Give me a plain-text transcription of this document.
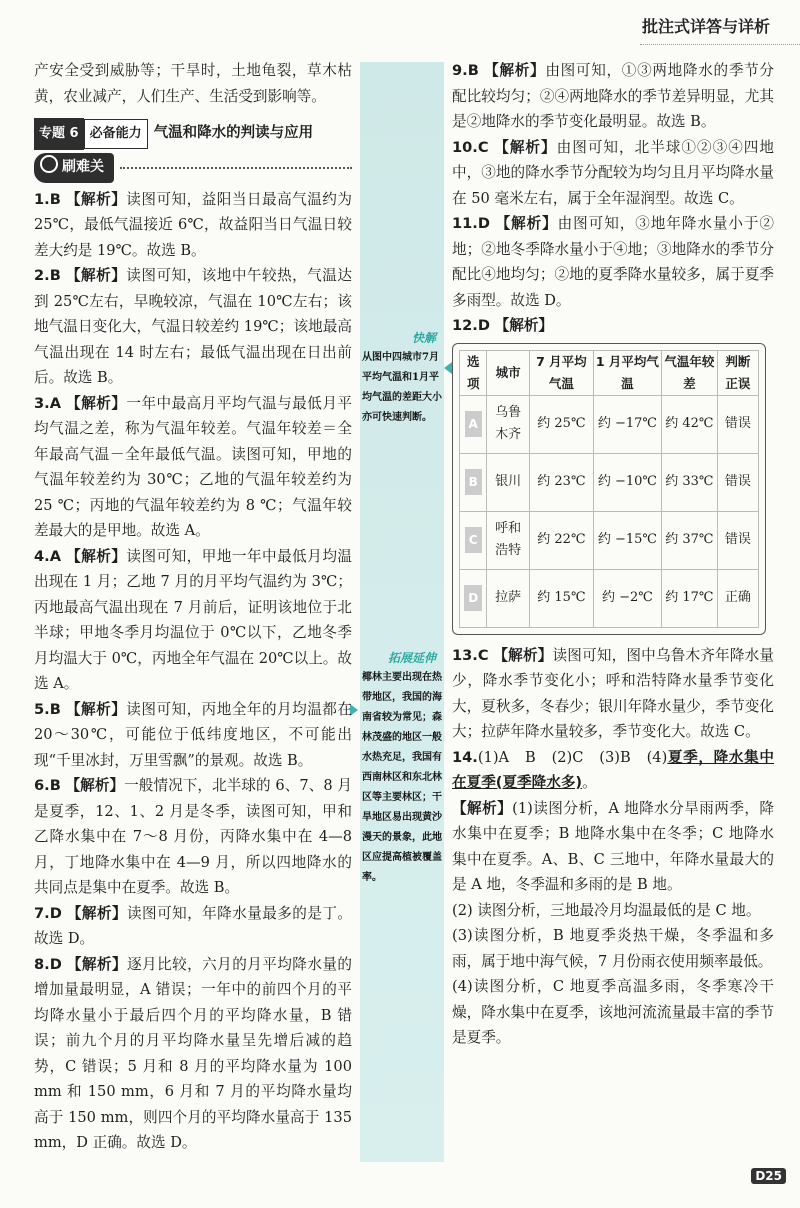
批注式详答与详析
快解
从图中四城市7月平均气温和1月平均气温的差距大小亦可快速判断。
拓展延伸
椰林主要出现在热带地区，我国的海南省较为常见；森林茂盛的地区一般水热充足，我国有西南林区和东北林区等主要林区；干旱地区易出现黄沙漫天的景象，此地区应提高植被覆盖率。

产安全受到威胁等；干旱时，土地龟裂，草木枯黄，农业减产，人们生产、生活受到影响等。

专题 6 必备能力 气温和降水的判读与应用
刷难关

1.B 【解析】读图可知，益阳当日最高气温约为25℃，最低气温接近 6℃，故益阳当日气温日较差大约是 19℃。故选 B。

2.B 【解析】读图可知，该地中午较热，气温达到 25℃左右，早晚较凉，气温在 10℃左右；该地气温日变化大，气温日较差约 19℃；该地最高气温出现在 14 时左右；最低气温出现在日出前后。故选 B。

3.A 【解析】一年中最高月平均气温与最低月平均气温之差，称为气温年较差。气温年较差＝全年最高气温－全年最低气温。读图可知，甲地的气温年较差约为 30℃；乙地的气温年较差约为 25 ℃；丙地的气温年较差约为 8 ℃；气温年较差最大的是甲地。故选 A。

4.A 【解析】读图可知，甲地一年中最低月均温出现在 1 月；乙地 7 月的月平均气温约为 3℃；丙地最高气温出现在 7 月前后，证明该地位于北半球；甲地冬季月均温位于 0℃以下，乙地冬季月均温大于 0℃，丙地全年气温在 20℃以上。故选 A。

5.B 【解析】读图可知，丙地全年的月均温都在 20～30℃，可能位于低纬度地区，不可能出现“千里冰封，万里雪飘”的景观。故选 B。

6.B 【解析】一般情况下，北半球的 6、7、8 月是夏季，12、1、2 月是冬季，读图可知，甲和乙降水集中在 7～8 月份，丙降水集中在 4—8 月，丁地降水集中在 4—9 月，所以四地降水的共同点是集中在夏季。故选 B。

7.D 【解析】读图可知，年降水量最多的是丁。故选 D。

8.D 【解析】逐月比较，六月的月平均降水量的增加量最明显，A 错误；一年中的前四个月的平均降水量小于最后四个月的平均降水量，B 错误；前九个月的月平均降水量呈先增后减的趋势，C 错误；5 月和 8 月的平均降水量为 100 mm 和 150 mm，6 月和 7 月的平均降水量均高于 150 mm，则四个月的平均降水量高于 135 mm，D 正确。故选 D。

9.B 【解析】由图可知，①③两地降水的季节分配比较均匀；②④两地降水的季节差异明显，尤其是②地降水的季节变化最明显。故选 B。

10.C 【解析】由图可知，北半球①②③④四地中，③地的降水季节分配较为均匀且月平均降水量在 50 毫米左右，属于全年湿润型。故选 C。

11.D 【解析】由图可知，③地年降水量小于②地；②地冬季降水量小于④地；③地降水的季节分配比④地均匀；②地的夏季降水量较多，属于夏季多雨型。故选 D。

12.D 【解析】

选项	城市	7 月平均气温	1 月平均气温	气温年较差	判断正误
A	乌鲁木齐	约 25℃	约 −17℃	约 42℃	错误
B	银川	约 23℃	约 −10℃	约 33℃	错误
C	呼和浩特	约 22℃	约 −15℃	约 37℃	错误
D	拉萨	约 15℃	约 −2℃	约 17℃	正确

13.C 【解析】读图可知，图中乌鲁木齐年降水量少，降水季节变化小；呼和浩特降水量季节变化大，夏秋多，冬春少；银川年降水量少，季节变化大；拉萨年降水量较多，季节变化大。故选 C。

14.(1)A　B　(2)C　(3)B　(4)夏季，降水集中在夏季(夏季降水多)。

【解析】(1)读图分析，A 地降水分旱雨两季，降水集中在夏季；B 地降水集中在冬季；C 地降水集中在夏季。A、B、C 三地中，年降水量最大的是 A 地，冬季温和多雨的是 B 地。

(2) 读图分析，三地最冷月均温最低的是 C 地。

(3)读图分析，B 地夏季炎热干燥，冬季温和多雨，属于地中海气候，7 月份雨衣使用频率最低。

(4)读图分析，C 地夏季高温多雨，冬季寒冷干燥，降水集中在夏季，该地河流流量最丰富的季节是夏季。

D25
